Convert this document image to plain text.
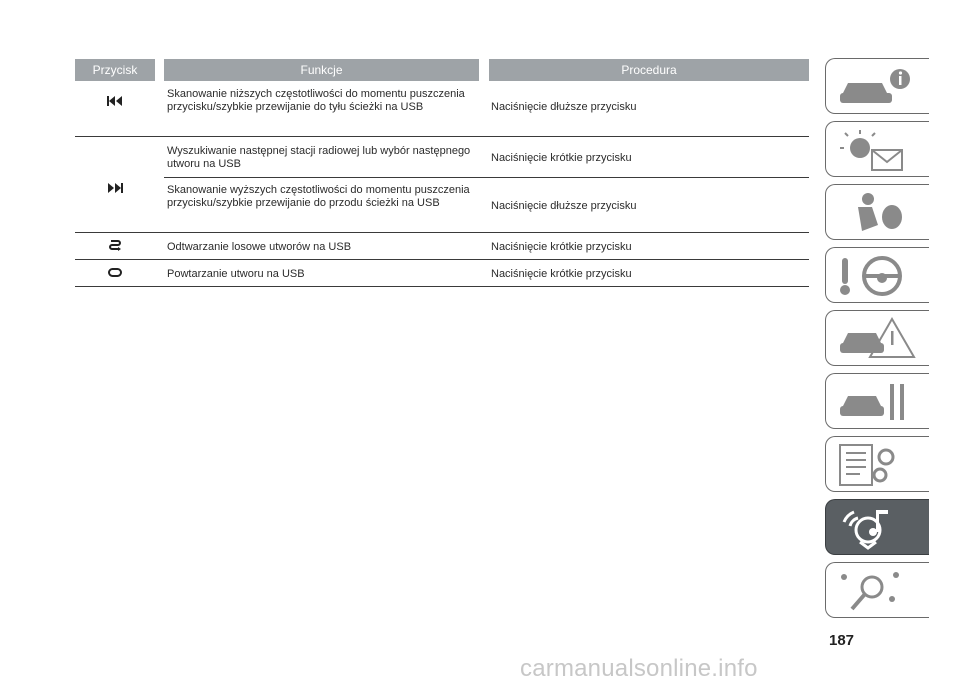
Przycisk	Funkcje	Procedura
Skanowanie niższych częstotliwości do momentu puszczenia przycisku/szybkie przewijanie do tyłu ścieżki na USB	Naciśnięcie dłuższe przycisku
Wyszukiwanie następnej stacji radiowej lub wybór następnego utworu na USB	Naciśnięcie krótkie przycisku
Skanowanie wyższych częstotliwości do momentu puszczenia przycisku/szybkie przewijanie do przodu ścieżki na USB	Naciśnięcie dłuższe przycisku
Odtwarzanie losowe utworów na USB	Naciśnięcie krótkie przycisku
Powtarzanie utworu na USB	Naciśnięcie krótkie przycisku
187
carmanualsonline.info
